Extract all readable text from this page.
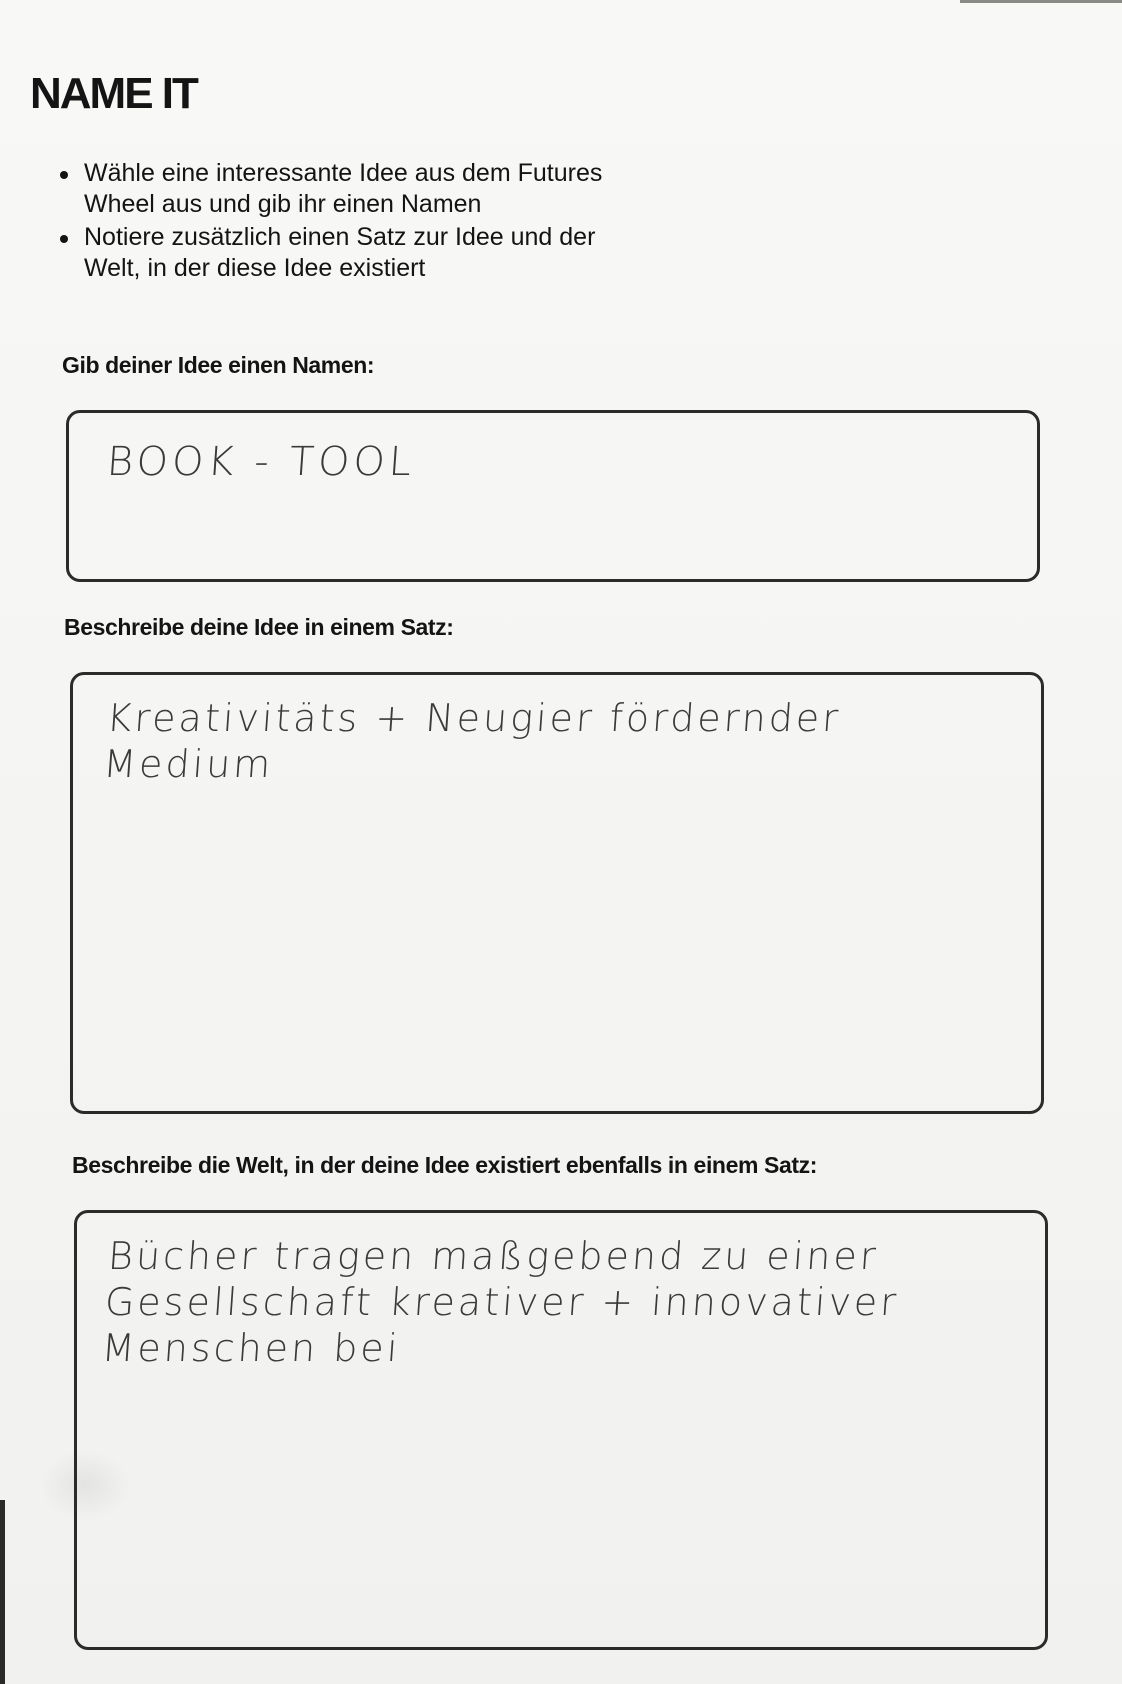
NAME IT
Wähle eine interessante Idee aus dem Futures Wheel aus und gib ihr einen Namen
Notiere zusätzlich einen Satz zur Idee und der Welt, in der diese Idee existiert

Gib deiner Idee einen Namen:

BOOK - TOOL

Beschreibe deine Idee in einem Satz:

Kreativitäts + Neugier fördernder Medium

Beschreibe die Welt, in der deine Idee existiert ebenfalls in einem Satz:

Bücher tragen maßgebend zu einer Gesellschaft kreativer + innovativer Menschen bei
